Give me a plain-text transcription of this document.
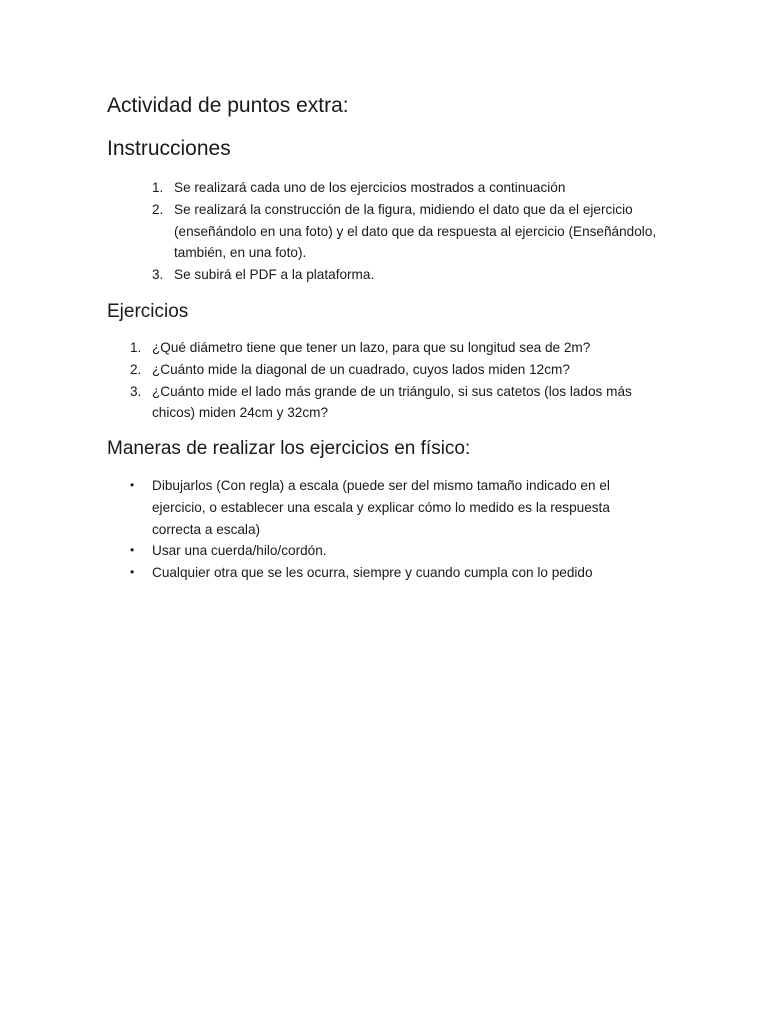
Actividad de puntos extra:
Instrucciones
1. Se realizará cada uno de los ejercicios mostrados a continuación
2. Se realizará la construcción de la figura, midiendo el dato que da el ejercicio (enseñándolo en una foto) y el dato que da respuesta al ejercicio (Enseñándolo, también, en una foto).
3. Se subirá el PDF a la plataforma.
Ejercicios
1. ¿Qué diámetro tiene que tener un lazo, para que su longitud sea de 2m?
2. ¿Cuánto mide la diagonal de un cuadrado, cuyos lados miden 12cm?
3. ¿Cuánto mide el lado más grande de un triángulo, si sus catetos (los lados más chicos) miden 24cm y 32cm?
Maneras de realizar los ejercicios en físico:
•	Dibujarlos (Con regla) a escala (puede ser del mismo tamaño indicado en el ejercicio, o establecer una escala y explicar cómo lo medido es la respuesta correcta a escala)
•	Usar una cuerda/hilo/cordón.
•	Cualquier otra que se les ocurra, siempre y cuando cumpla con lo pedido
